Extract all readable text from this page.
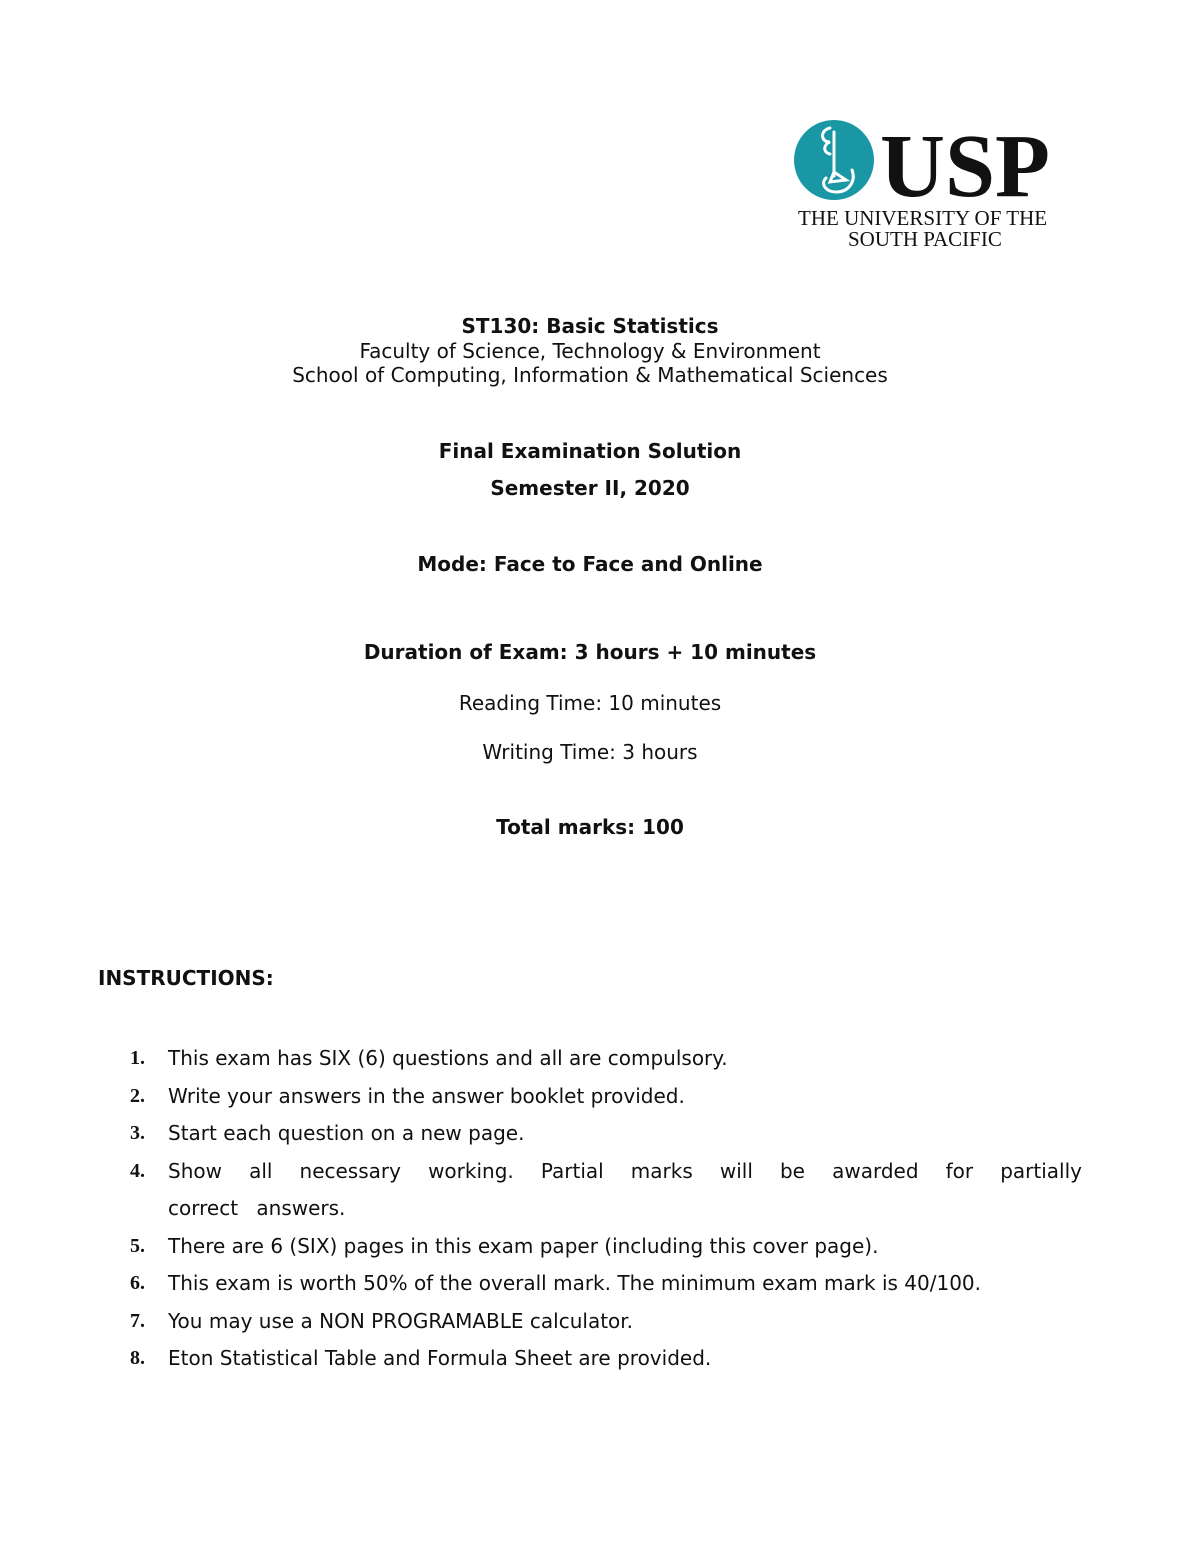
USP
THE UNIVERSITY OF THE
SOUTH PACIFIC
ST130: Basic Statistics
Faculty of Science, Technology & Environment
School of Computing, Information & Mathematical Sciences
Final Examination Solution
Semester II, 2020
Mode: Face to Face and Online
Duration of Exam: 3 hours + 10 minutes
Reading Time: 10 minutes
Writing Time: 3 hours
Total marks: 100
INSTRUCTIONS:
1. This exam has SIX (6) questions and all are compulsory.
2. Write your answers in the answer booklet provided.
3. Start each question on a new page.
4. Show all necessary working. Partial marks will be awarded for partially correct answers.
5. There are 6 (SIX) pages in this exam paper (including this cover page).
6. This exam is worth 50% of the overall mark. The minimum exam mark is 40/100.
7. You may use a NON PROGRAMABLE calculator.
8. Eton Statistical Table and Formula Sheet are provided.
